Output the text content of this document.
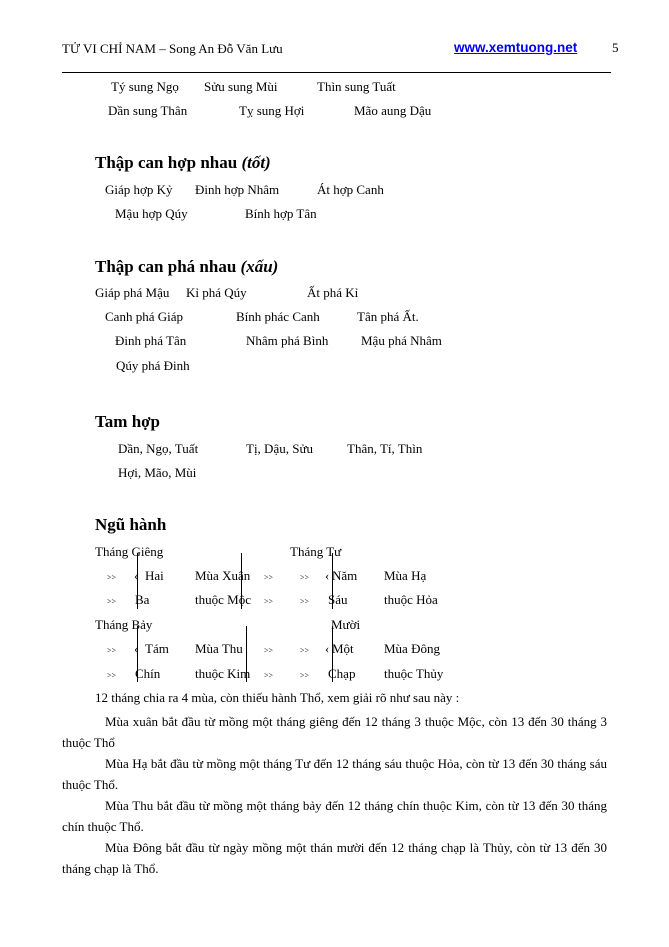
TỬ VI CHỈ NAM – Song An Đỗ Văn Lưu	www.xemtuong.net	5
Tý sung Ngọ Sửu sung Mùi	Thìn sung Tuất
Dần sung Thân	Tỵ sung Hợi	Mão aung Dậu
Thập can hợp nhau (tốt)
Giáp hợp Kỷ Đinh hợp Nhâm	Át hợp Canh
Mậu hợp Qúy	Bính hợp Tân
Thập can phá nhau (xấu)
Giáp phá Mậu Kỉ phá Qúy	Ất phá Kỉ
Canh phá Giáp	Bính phác Canh	Tân phá Ất.
Đinh phá Tân	Nhâm phá Bình	Mậu phá Nhâm
Qúy phá Đinh
Tam hợp
Dần, Ngọ, Tuất	Tị, Dậu, Sửu	Thân, Tí, Thìn
Hợi, Mão, Mùi
Ngũ hành
Tháng Giêng	Tháng Tư
>> ‹ Hai Mùa Xuân >>	>> ‹ Năm Mùa Hạ
>> Ba	thuộc Mộc >>	>> Sáu	thuộc Hỏa
Tháng Bảy	Mười
>> ‹ Tám Mùa Thu	>>	>> ‹ Một Mùa Đông
>> Chín	thuộc Kim >>	>> Chạp thuộc Thủy
12 tháng chia ra 4 mùa, còn thiếu hành Thổ, xem giải rõ như sau này :
Mùa xuân bắt đầu từ mồng một tháng giêng đến 12 tháng 3 thuộc Mộc, còn 13 đến 30 tháng 3 thuộc Thổ
Mùa Hạ bắt đầu từ mồng một tháng Tư đến 12 tháng sáu thuộc Hỏa, còn từ 13 đến 30 tháng sáu thuộc Thổ.
Mùa Thu bắt đầu từ mồng một tháng bảy đến 12 tháng chín thuộc Kim, còn từ 13 đến 30 tháng chín thuộc Thổ.
Mùa Đông bắt đầu từ ngày mồng một thán mười đến 12 tháng chạp là Thủy, còn từ 13 đến 30 tháng chạp là Thổ.
